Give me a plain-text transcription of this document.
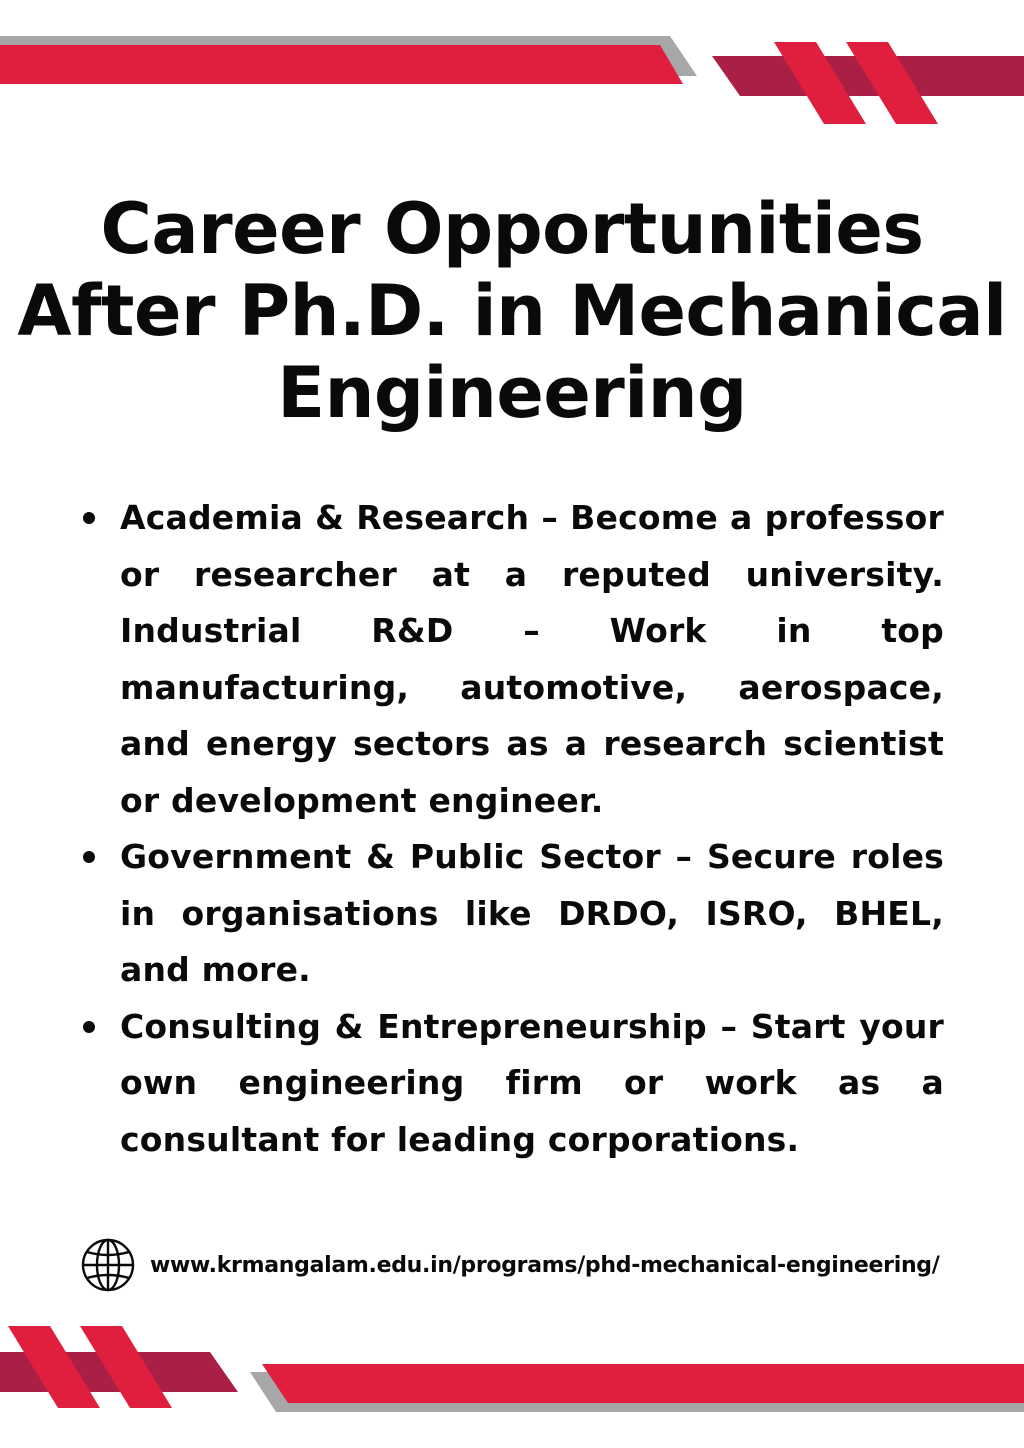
Career Opportunities
After Ph.D. in Mechanical
Engineering
Academia & Research – Become a professor or researcher at a reputed university. Industrial R&D – Work in top manufacturing, automotive, aerospace, and energy sectors as a research scientist or development engineer.
Government & Public Sector – Secure roles in organisations like DRDO, ISRO, BHEL, and more.
Consulting & Entrepreneurship – Start your own engineering firm or work as a consultant for leading corporations.
www.krmangalam.edu.in/programs/phd-mechanical-engineering/
